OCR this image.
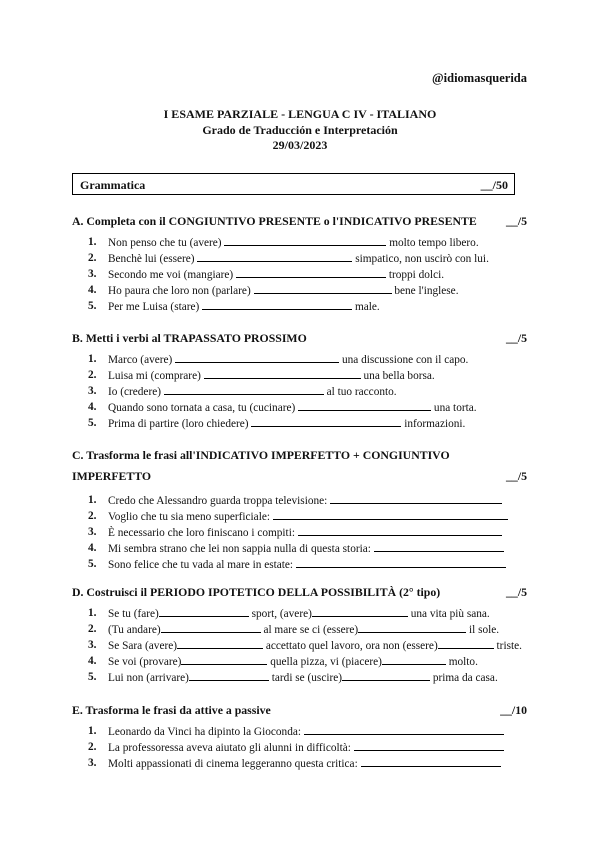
@idiomasquerida
I ESAME PARZIALE - LENGUA C IV - ITALIANO
Grado de Traducción e Interpretación
29/03/2023
Grammatica	__/50
A. Completa con il CONGIUNTIVO PRESENTE o l'INDICATIVO PRESENTE __/5
1. Non penso che tu (avere)	molto tempo libero.
2. Benchè lui (essere)	simpatico, non uscirò con lui.
3. Secondo me voi (mangiare)	troppi dolci.
4. Ho paura che loro non (parlare)	bene l'inglese.
5. Per me Luisa (stare)	male.
B. Metti i verbi al TRAPASSATO PROSSIMO	__/5
1. Marco (avere)	una discussione con il capo.
2. Luisa mi (comprare)	una bella borsa.
3. Io (credere)	al tuo racconto.
4. Quando sono tornata a casa, tu (cucinare)	una torta.
5. Prima di partire (loro chiedere)	informazioni.
C. Trasforma le frasi all'INDICATIVO IMPERFETTO + CONGIUNTIVO
IMPERFETTO	__/5
1. Credo che Alessandro guarda troppa televisione:
2. Voglio che tu sia meno superficiale:
3. È necessario che loro finiscano i compiti:
4. Mi sembra strano che lei non sappia nulla di questa storia:
5. Sono felice che tu vada al mare in estate:
D. Costruisci il PERIODO IPOTETICO DELLA POSSIBILITÀ (2° tipo)	__/5
1. Se tu (fare)	sport, (avere)	una vita più sana.
2. (Tu andare)	al mare se ci (essere)	il sole.
3. Se Sara (avere)	accettato quel lavoro, ora non (essere)	triste.
4. Se voi (provare)	quella pizza, vi (piacere)	molto.
5. Lui non (arrivare)	tardi se (uscire)	prima da casa.
E. Trasforma le frasi da attive a passive	__/10
1. Leonardo da Vinci ha dipinto la Gioconda:
2. La professoressa aveva aiutato gli alunni in difficoltà:
3. Molti appassionati di cinema leggeranno questa critica:
